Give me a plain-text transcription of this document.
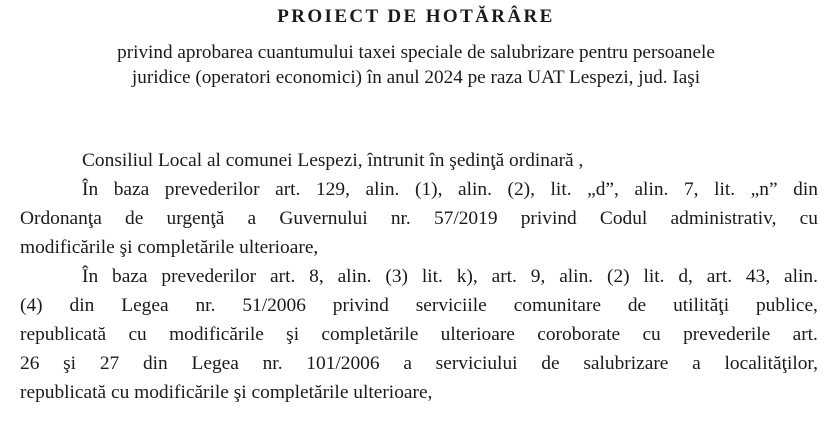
PROIECT DE HOTĂRÂRE
privind aprobarea cuantumului taxei speciale de salubrizare pentru persoanele
juridice (operatori economici) în anul 2024 pe raza UAT Lespezi, jud. Iaşi
Consiliul Local al comunei Lespezi, întrunit în şedinţă ordinară ,
În baza prevederilor art. 129, alin. (1), alin. (2), lit. „d”, alin. 7, lit. „n” din
Ordonanţa de urgenţă a Guvernului nr. 57/2019 privind Codul administrativ, cu
modificările şi completările ulterioare,
În baza prevederilor art. 8, alin. (3) lit. k), art. 9, alin. (2) lit. d, art. 43, alin.
(4) din Legea nr. 51/2006 privind serviciile comunitare de utilităţi publice,
republicată cu modificările şi completările ulterioare coroborate cu prevederile art.
26 şi 27 din Legea nr. 101/2006 a serviciului de salubrizare a localităţilor,
republicată cu modificările şi completările ulterioare,
